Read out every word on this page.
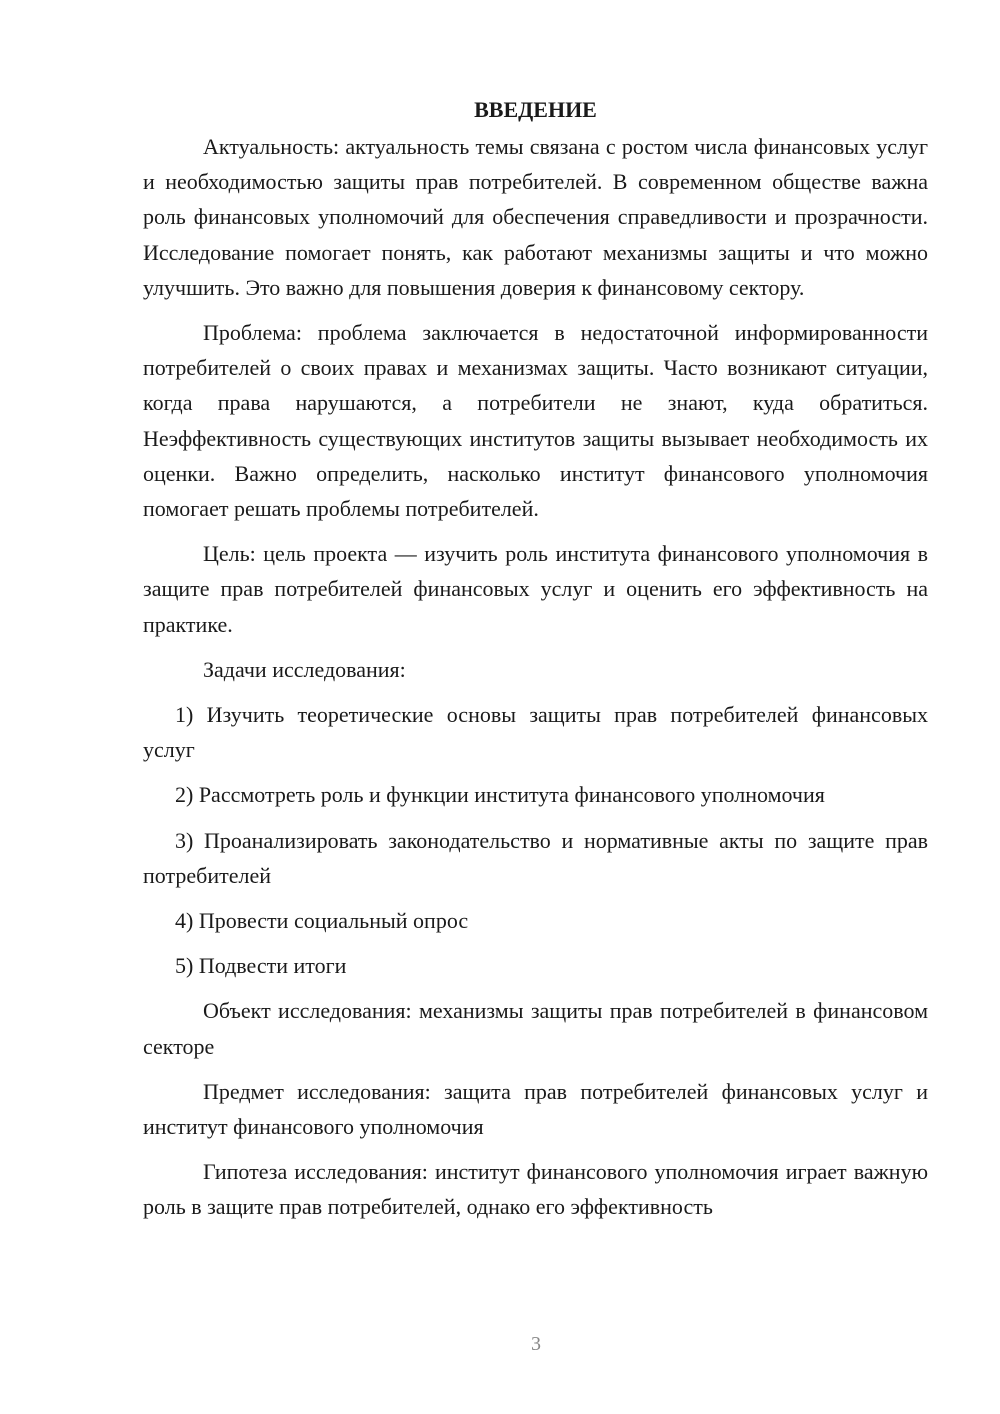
ВВЕДЕНИЕ

Актуальность: актуальность темы связана с ростом числа финансовых услуг и необходимостью защиты прав потребителей. В современном обществе важна роль финансовых уполномочий для обеспечения справедливости и прозрачности. Исследование помогает понять, как работают механизмы защиты и что можно улучшить. Это важно для повышения доверия к финансовому сектору.

Проблема: проблема заключается в недостаточной информированности потребителей о своих правах и механизмах защиты. Часто возникают ситуации, когда права нарушаются, а потребители не знают, куда обратиться. Неэффективность существующих институтов защиты вызывает необходимость их оценки. Важно определить, насколько институт финансового уполномочия помогает решать проблемы потребителей.

Цель: цель проекта — изучить роль института финансового уполномочия в защите прав потребителей финансовых услуг и оценить его эффективность на практике.

Задачи исследования:

1) Изучить теоретические основы защиты прав потребителей финансовых услуг

2) Рассмотреть роль и функции института финансового уполномочия

3) Проанализировать законодательство и нормативные акты по защите прав потребителей

4) Провести социальный опрос

5) Подвести итоги

Объект исследования: механизмы защиты прав потребителей в финансовом секторе

Предмет исследования: защита прав потребителей финансовых услуг и институт финансового уполномочия

Гипотеза исследования: институт финансового уполномочия играет важную роль в защите прав потребителей, однако его эффективность

3
